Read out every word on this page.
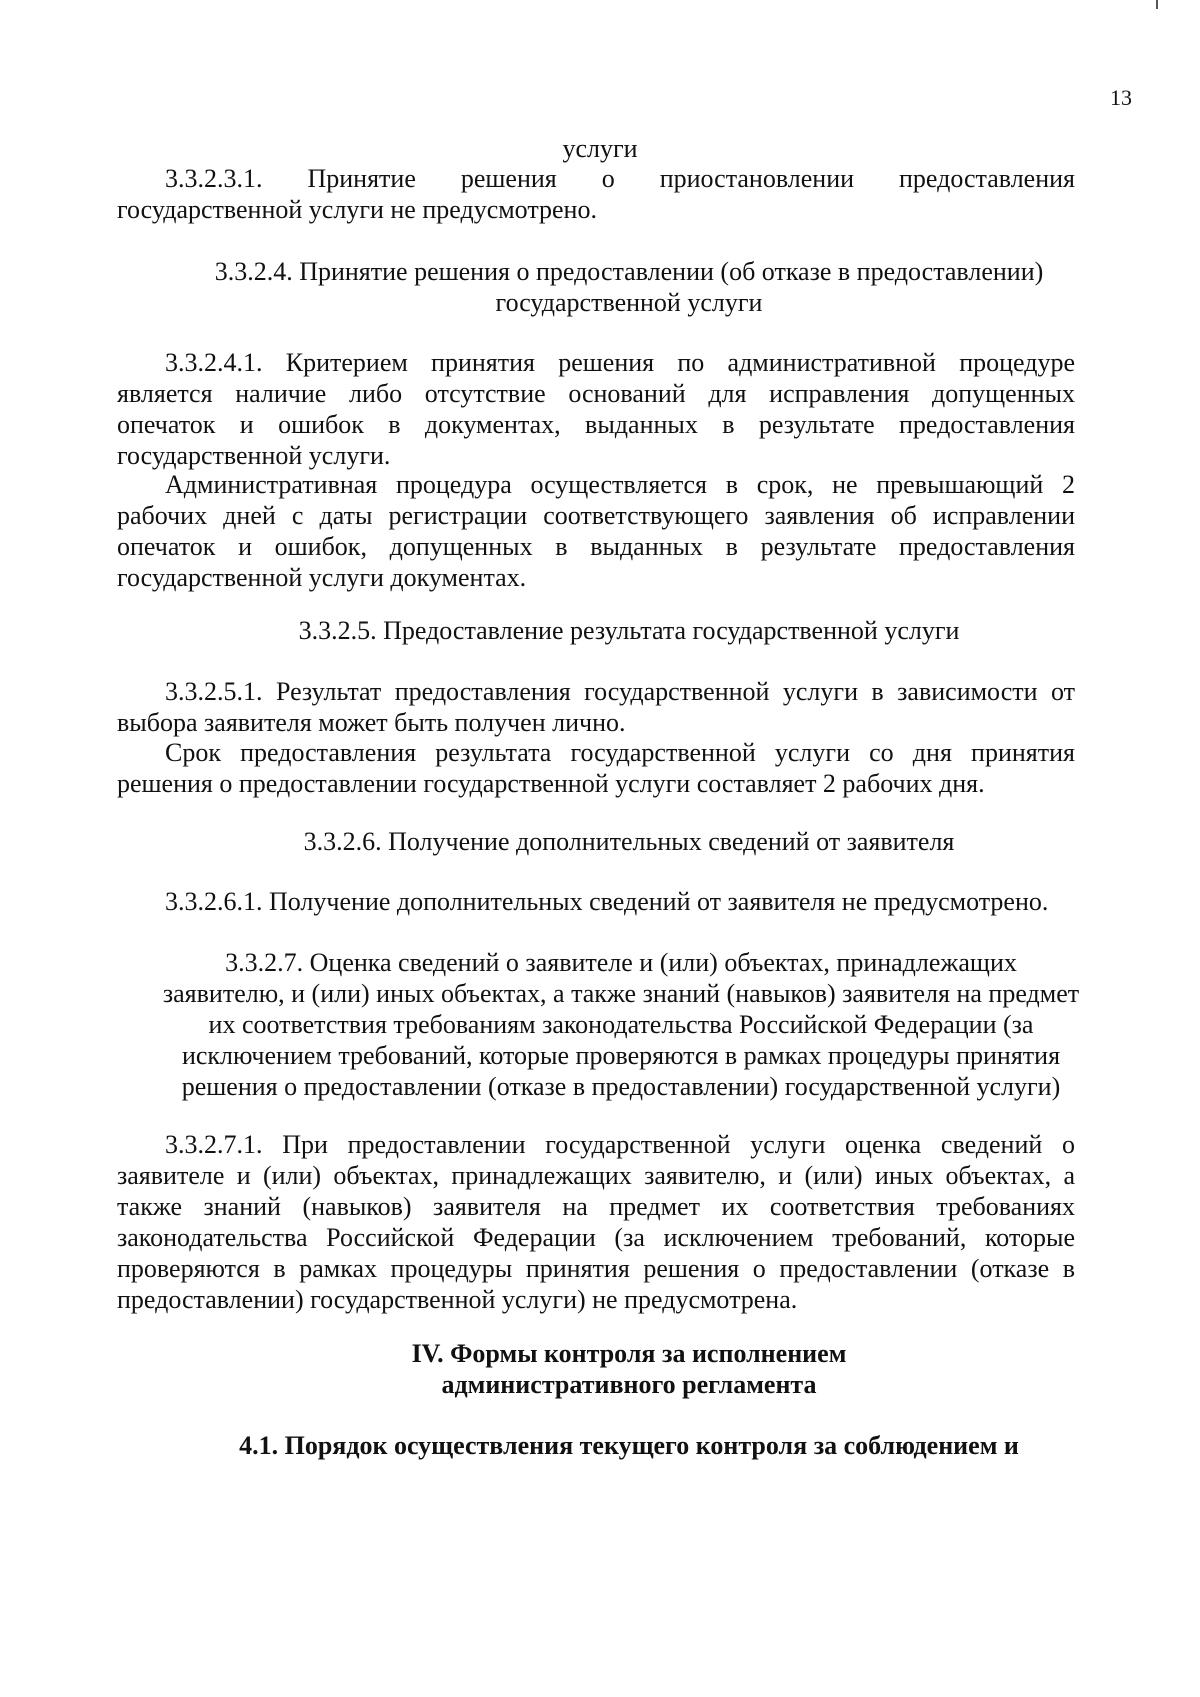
13
услуги
3.3.2.3.1. Принятие решения о приостановлении предоставления
государственной услуги не предусмотрено.
3.3.2.4. Принятие решения о предоставлении (об отказе в предоставлении)
государственной услуги
3.3.2.4.1. Критерием принятия решения по административной процедуре
является наличие либо отсутствие оснований для исправления допущенных
опечаток и ошибок в документах, выданных в результате предоставления
государственной услуги.
Административная процедура осуществляется в срок, не превышающий 2
рабочих дней с даты регистрации соответствующего заявления об исправлении
опечаток и ошибок, допущенных в выданных в результате предоставления
государственной услуги документах.
3.3.2.5. Предоставление результата государственной услуги
3.3.2.5.1. Результат предоставления государственной услуги в зависимости от
выбора заявителя может быть получен лично.
Срок предоставления результата государственной услуги со дня принятия
решения о предоставлении государственной услуги составляет 2 рабочих дня.
3.3.2.6. Получение дополнительных сведений от заявителя
3.3.2.6.1. Получение дополнительных сведений от заявителя не предусмотрено.
3.3.2.7. Оценка сведений о заявителе и (или) объектах, принадлежащих
заявителю, и (или) иных объектах, а также знаний (навыков) заявителя на предмет
их соответствия требованиям законодательства Российской Федерации (за
исключением требований, которые проверяются в рамках процедуры принятия
решения о предоставлении (отказе в предоставлении) государственной услуги)
3.3.2.7.1. При предоставлении государственной услуги оценка сведений о
заявителе и (или) объектах, принадлежащих заявителю, и (или) иных объектах, а
также знаний (навыков) заявителя на предмет их соответствия требованиях
законодательства Российской Федерации (за исключением требований, которые
проверяются в рамках процедуры принятия решения о предоставлении (отказе в
предоставлении) государственной услуги) не предусмотрена.
IV. Формы контроля за исполнением
административного регламента
4.1. Порядок осуществления текущего контроля за соблюдением и
